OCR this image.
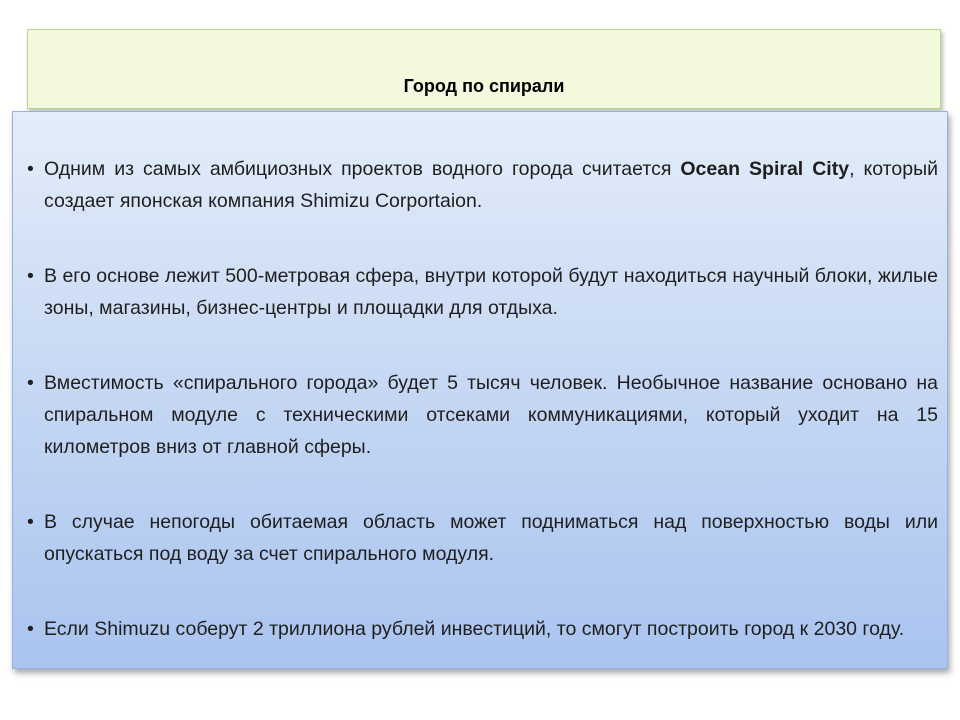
Город по спирали
• Одним из самых амбициозных проектов водного города считается Ocean Spiral City, который создает японская компания Shimizu Corportaion.
• В его основе лежит 500-метровая сфера, внутри которой будут находиться научный блоки, жилые зоны, магазины, бизнес-центры и площадки для отдыха.
• Вместимость «спирального города» будет 5 тысяч человек. Необычное название основано на спиральном модуле с техническими отсеками коммуникациями, который уходит на 15 километров вниз от главной сферы.
• В случае непогоды обитаемая область может подниматься над поверхностью воды или опускаться под воду за счет спирального модуля.
• Если Shimuzu соберут 2 триллиона рублей инвестиций, то смогут построить город к 2030 году.
